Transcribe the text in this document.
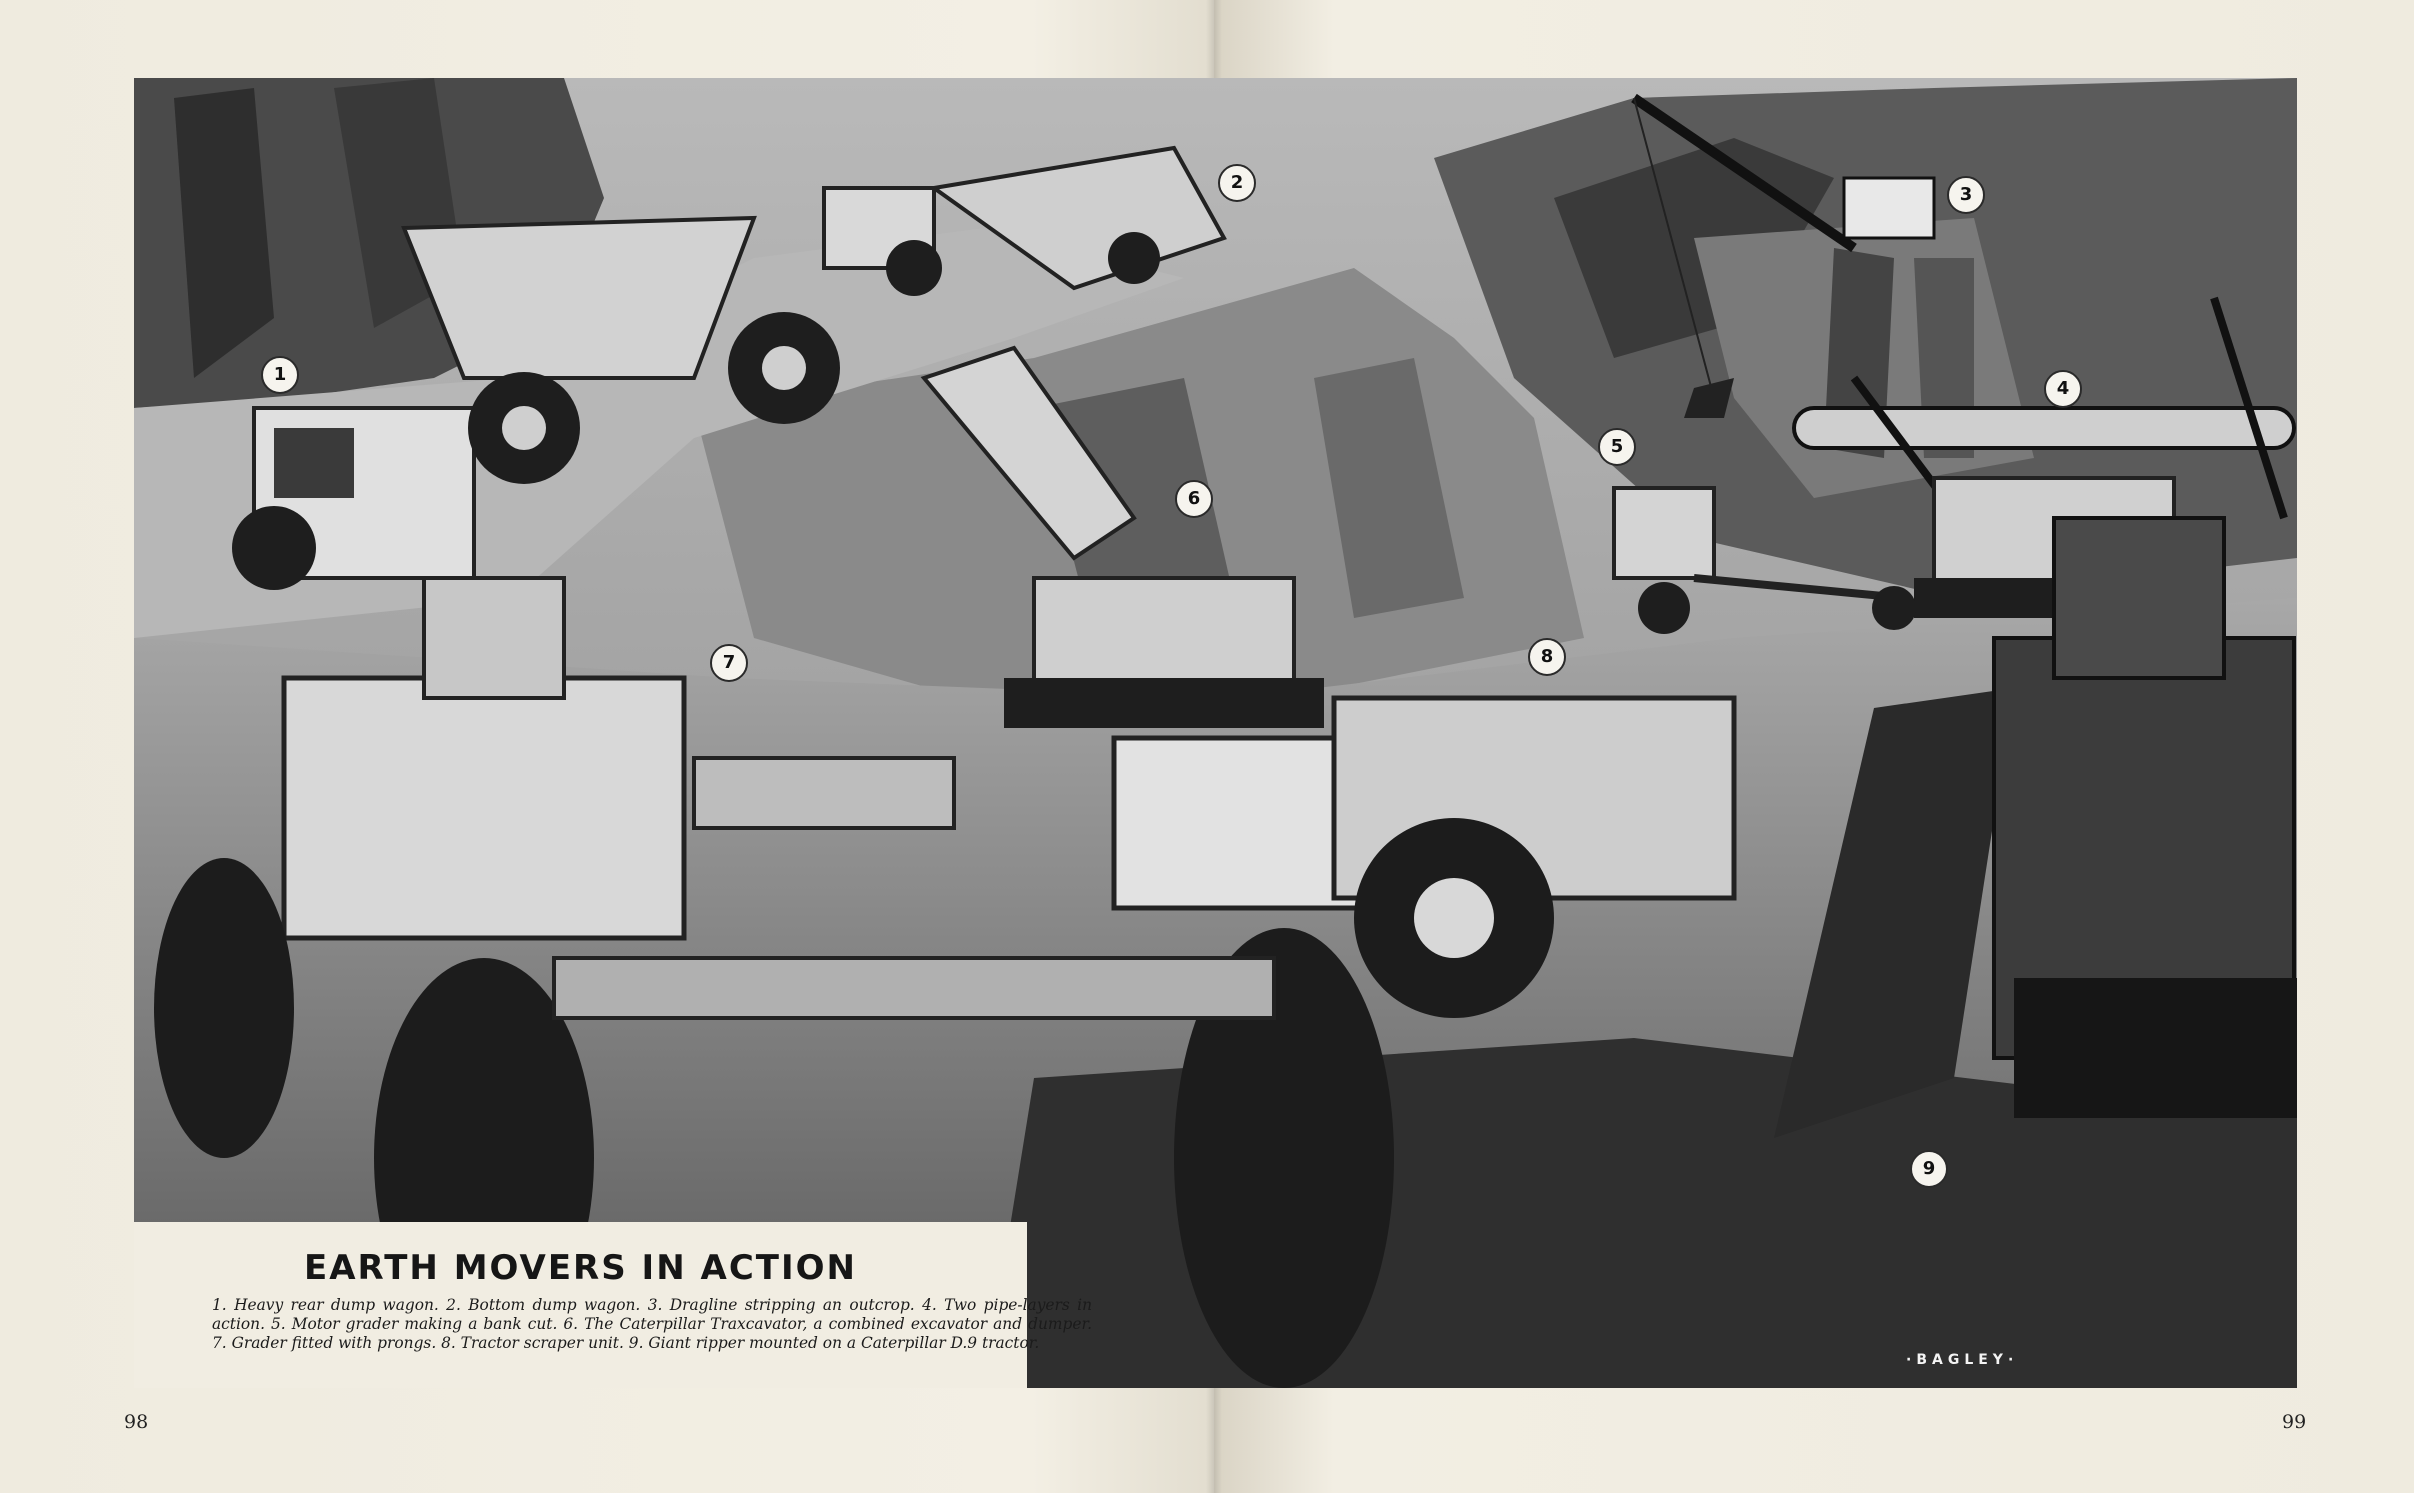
1
2
3
4
5
6
7	8
9
EARTH MOVERS IN ACTION
1. Heavy rear dump wagon. 2. Bottom dump wagon. 3. Dragline stripping an outcrop. 4. Two pipe-layers in action. 5. Motor grader making a bank cut. 6. The Caterpillar Traxcavator, a combined excavator and dumper. 7. Grader fitted with prongs. 8. Tractor scraper unit. 9. Giant ripper mounted on a Caterpillar D.9 tractor.
·BAGLEY·
98	99
